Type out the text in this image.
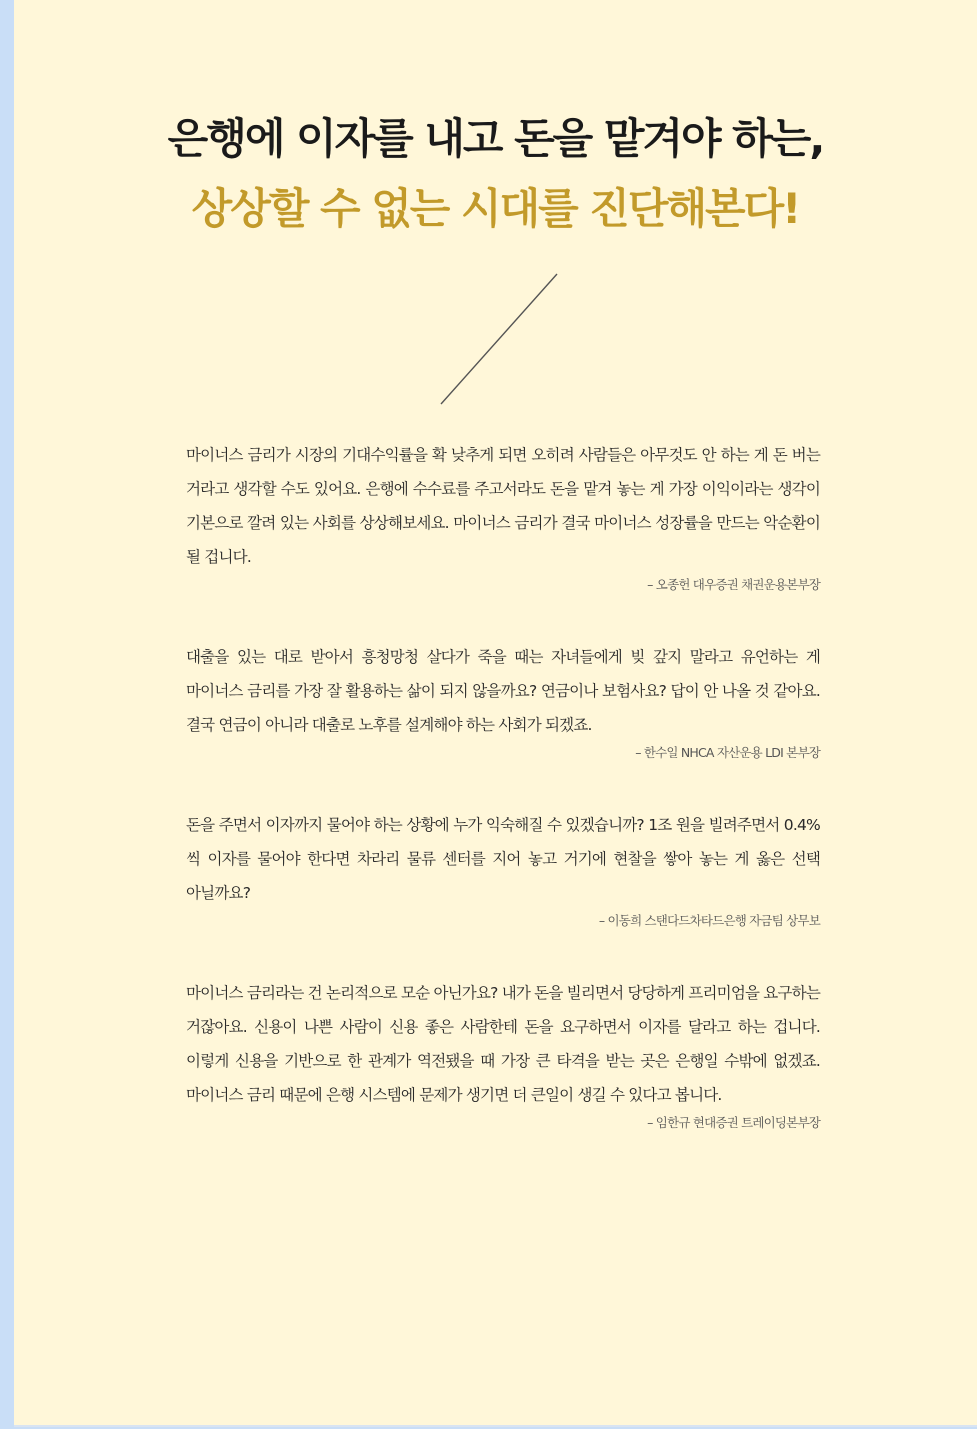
은행에 이자를 내고 돈을 맡겨야 하는,
상상할 수 없는 시대를 진단해본다!

마이너스 금리가 시장의 기대수익률을 확 낮추게 되면 오히려 사람들은 아무것도 안 하는 게 돈 버는 거라고 생각할 수도 있어요. 은행에 수수료를 주고서라도 돈을 맡겨 놓는 게 가장 이익이라는 생각이 기본으로 깔려 있는 사회를 상상해보세요. 마이너스 금리가 결국 마이너스 성장률을 만드는 악순환이 될 겁니다.

– 오종헌 대우증권 채권운용본부장

대출을 있는 대로 받아서 흥청망청 살다가 죽을 때는 자녀들에게 빚 갚지 말라고 유언하는 게 마이너스 금리를 가장 잘 활용하는 삶이 되지 않을까요? 연금이나 보험사요? 답이 안 나올 것 같아요. 결국 연금이 아니라 대출로 노후를 설계해야 하는 사회가 되겠죠.

– 한수일 NHCA 자산운용 LDI 본부장

돈을 주면서 이자까지 물어야 하는 상황에 누가 익숙해질 수 있겠습니까? 1조 원을 빌려주면서 0.4%씩 이자를 물어야 한다면 차라리 물류 센터를 지어 놓고 거기에 현찰을 쌓아 놓는 게 옳은 선택 아닐까요?

– 이동희 스탠다드차타드은행 자금팀 상무보

마이너스 금리라는 건 논리적으로 모순 아닌가요? 내가 돈을 빌리면서 당당하게 프리미엄을 요구하는 거잖아요. 신용이 나쁜 사람이 신용 좋은 사람한테 돈을 요구하면서 이자를 달라고 하는 겁니다. 이렇게 신용을 기반으로 한 관계가 역전됐을 때 가장 큰 타격을 받는 곳은 은행일 수밖에 없겠죠. 마이너스 금리 때문에 은행 시스템에 문제가 생기면 더 큰일이 생길 수 있다고 봅니다.

– 임한규 현대증권 트레이딩본부장
